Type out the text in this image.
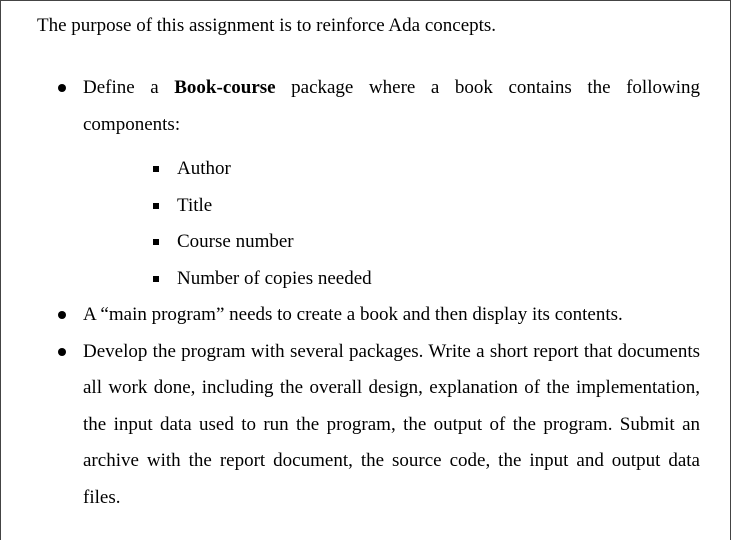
The purpose of this assignment is to reinforce Ada concepts.
Define a Book-course package where a book contains the following components:
Author
Title
Course number
Number of copies needed
A “main program” needs to create a book and then display its contents.
Develop the program with several packages. Write a short report that documents all work done, including the overall design, explanation of the implementation, the input data used to run the program, the output of the program. Submit an archive with the report document, the source code, the input and output data files.
